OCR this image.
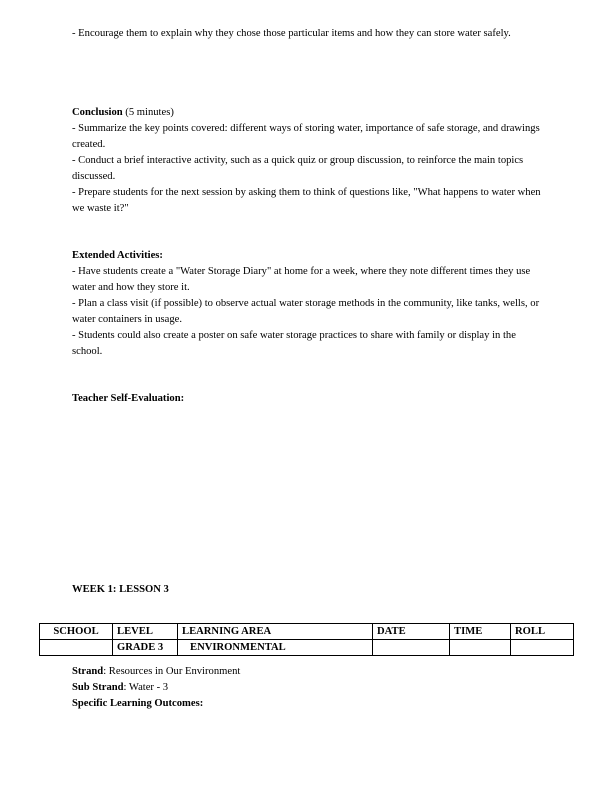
- Encourage them to explain why they chose those particular items and how they can store water safely.

Conclusion (5 minutes)

- Summarize the key points covered: different ways of storing water, importance of safe storage, and drawings created.

- Conduct a brief interactive activity, such as a quick quiz or group discussion, to reinforce the main topics discussed.

- Prepare students for the next session by asking them to think of questions like, "What happens to water when we waste it?"

Extended Activities:

- Have students create a "Water Storage Diary" at home for a week, where they note different times they use water and how they store it.

- Plan a class visit (if possible) to observe actual water storage methods in the community, like tanks, wells, or water containers in usage.

- Students could also create a poster on safe water storage practices to share with family or display in the school.

Teacher Self-Evaluation:

WEEK 1: LESSON 3
SCHOOL	LEVEL	LEARNING AREA	DATE	TIME	ROLL
	GRADE 3	ENVIRONMENTAL			

Strand: Resources in Our Environment

Sub Strand: Water - 3

Specific Learning Outcomes:
